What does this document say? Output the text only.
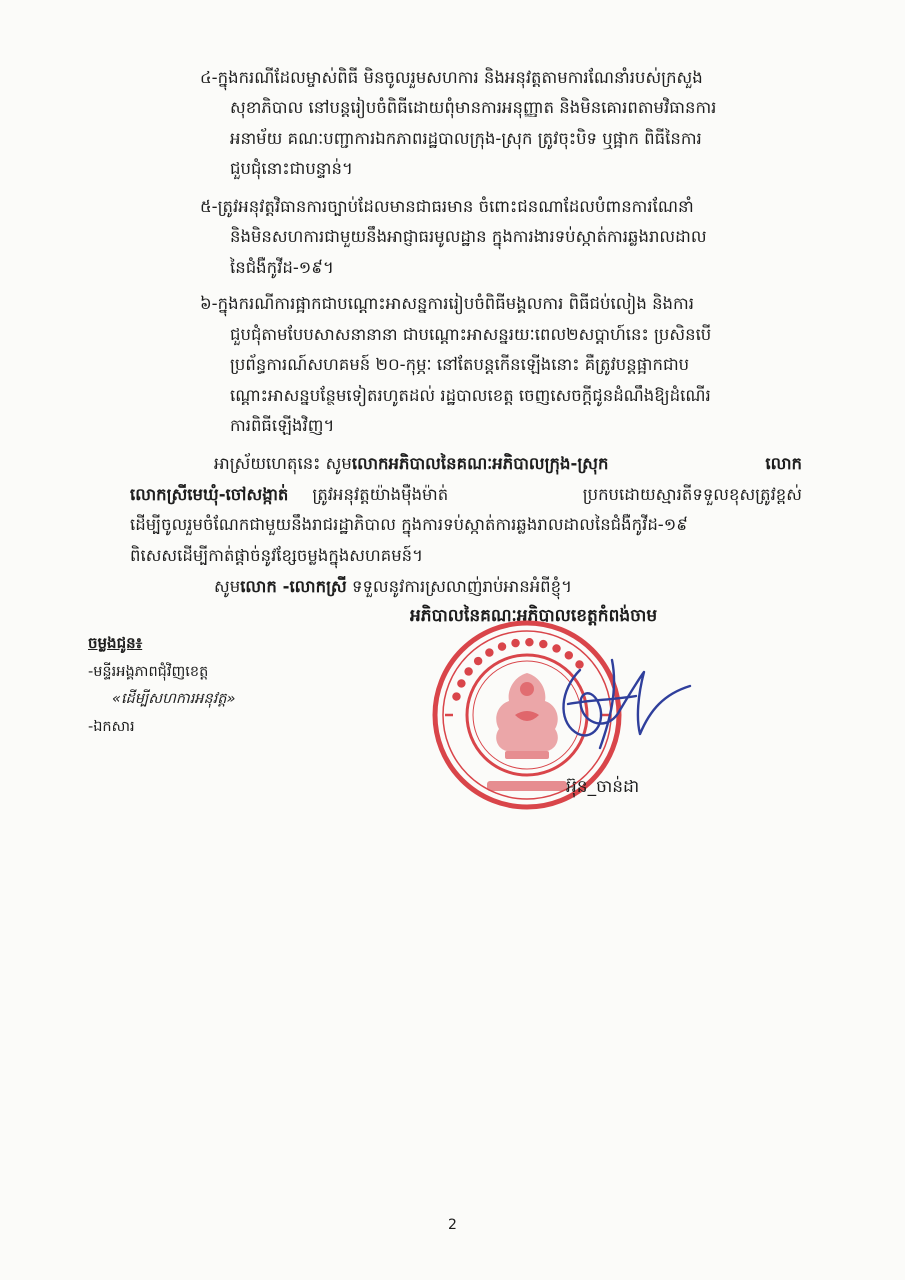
៤-ក្នុងករណីដែលម្ចាស់ពិធី មិនចូលរួមសហការ និងអនុវត្តតាមការណែនាំរបស់ក្រសួង
សុខាភិបាល នៅបន្តរៀបចំពិធីដោយពុំមានការអនុញ្ញាត និងមិនគោរពតាមវិធានការ
អនាម័យ គណៈបញ្ជាការឯកភាពរដ្ឋបាលក្រុង-ស្រុក ត្រូវចុះបិទ ឬផ្អាក ពិធីនៃការ
ជួបជុំនោះជាបន្ទាន់។
៥-ត្រូវអនុវត្តវិធានការច្បាប់ដែលមានជាធរមាន ចំពោះជនណាដែលបំពានការណែនាំ
និងមិនសហការជាមួយនឹងអាជ្ញាធរមូលដ្ឋាន ក្នុងការងារទប់ស្កាត់ការឆ្លងរាលដាល
នៃជំងឺកូវីដ-១៩។
៦-ក្នុងករណីការផ្អាកជាបណ្ដោះអាសន្នការរៀបចំពិធីមង្គលការ ពិធីជប់លៀង និងការ
ជួបជុំតាមបែបសាសនានានា ជាបណ្ដោះអាសន្នរយៈពេល២សប្ដាហ៍នេះ ប្រសិនបើ
ប្រព័ន្ធការណ៍សហគមន៍ ២០-កុម្ភៈ នៅតែបន្តកើនឡើងនោះ គឺត្រូវបន្តផ្អាកជាប
ណ្តោះអាសន្នបន្ថែមទៀតរហូតដល់ រដ្ឋបាលខេត្ត ចេញសេចក្ដីជូនដំណឹងឱ្យដំណើរ
ការពិធីឡើងវិញ។
អាស្រ័យហេតុនេះ សូម លោកអភិបាលនៃគណៈអភិបាលក្រុង-ស្រុក លោក
លោកស្រីមេឃុំ-ចៅសង្កាត់ ត្រូវអនុវត្តយ៉ាងម៉ឺងម៉ាត់ ប្រកបដោយស្មារតីទទួលខុសត្រូវខ្ពស់
ដើម្បីចូលរួមចំណែកជាមួយនឹងរាជរដ្ឋាភិបាល ក្នុងការទប់ស្កាត់ការឆ្លងរាលដាលនៃជំងឺកូវីដ-១៩
ពិសេសដើម្បីកាត់ផ្តាច់នូវខ្សែចម្លងក្នុងសហគមន៍។
សូមលោក -លោកស្រី ទទួលនូវការស្រលាញ់រាប់អានអំពីខ្ញុំ។
អភិបាលនៃគណៈអភិបាលខេត្តកំពង់ចាម
ចម្លងជូន៖
-មន្ទីរអង្គភាពជុំវិញខេត្ត
«ដើម្បីសហការអនុវត្ត»
-ឯកសារ
● ● ● ● ● ● ● ● ● ● ● ●
អ៊ុន_ចាន់ដា
2
